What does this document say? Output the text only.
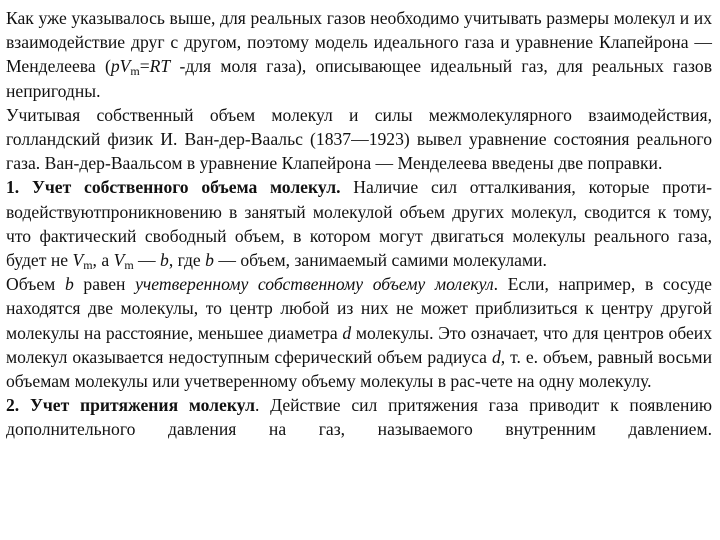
Как уже указывалось выше, для реальных газов необходимо учитывать размеры молекул и их взаимодействие друг с другом, поэтому модель идеального газа и уравнение Клапейрона — Менделеева ($pV_m=RT$ -для моля газа), описывающее идеальный газ, для реальных газов непригодны.

Учитывая собственный объем молекул и силы межмолекулярного взаимодействия, голландский физик И. Ван-дер-Ваальс (1837—1923) вывел уравнение состояния реального газа. Ван-дер-Ваальсом в уравнение Клапейрона — Менделеева введены две поправки.

1. Учет собственного объема молекул. Наличие сил отталкивания, которые проти-водействуютпроникновению в занятый молекулой объем других молекул, сводится к тому, что фактический свободный объем, в котором могут двигаться молекулы реального газа, будет не $V_m$, а $V_m$ — b, где b — объем, занимаемый самими молекулами.

Объем b равен учетверенному собственному объему молекул. Если, например, в сосуде находятся две молекулы, то центр любой из них не может приблизиться к центру другой молекулы на расстояние, меньшее диаметра d молекулы. Это означает, что для центров обеих молекул оказывается недоступным сферический объем радиуса d, т. е. объем, равный восьми объемам молекулы или учетверенному объему молекулы в рас-чете на одну молекулу.

2. Учет притяжения молекул. Действие сил притяжения газа приводит к появлению дополнительного давления на газ, называемого внутренним давлением.
